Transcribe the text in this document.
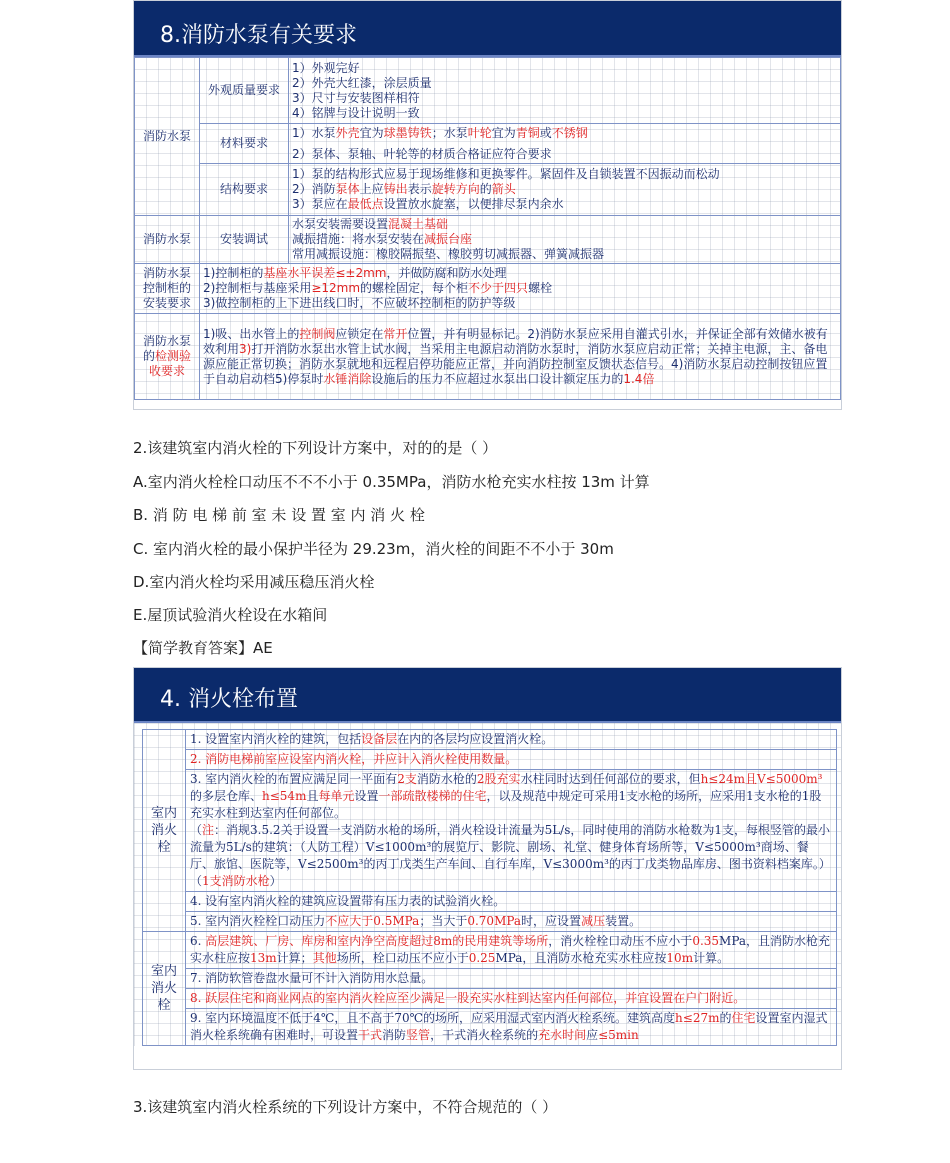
8.消防水泵有关要求
消防水泵	外观质量要求	1）外观完好
2）外壳大红漆，涂层质量
3）尺寸与安装图样相符
4）铭牌与设计说明一致

	材料要求	1）水泵外壳宜为球墨铸铁；水泵叶轮宜为青铜或不锈钢
2）泵体、泵轴、叶轮等的材质合格证应符合要求

	结构要求	1）泵的结构形式应易于现场维修和更换零件。紧固件及自锁装置不因振动而松动
2）消防泵体上应铸出表示旋转方向的箭头
3）泵应在最低点设置放水旋塞，以便排尽泵内余水

消防水泵	安装调试	水泵安装需要设置混凝土基础
减振措施：将水泵安装在减振台座
常用减振设施：橡胶隔振垫、橡胶剪切减振器、弹簧减振器

消防水泵控制柜的安装要求	1)控制柜的基座水平误差≤±2mm，并做防腐和防水处理
2)控制柜与基座采用≥12mm的螺栓固定，每个柜不少于四只螺栓
3)做控制柜的上下进出线口时，不应破坏控制柜的防护等级	

消防水泵的检测验收要求	1)吸、出水管上的控制阀应锁定在常开位置，并有明显标记。2)消防水泵应采用自灌式引水，并保证全部有效储水被有效利用3)打开消防水泵出水管上试水阀，当采用主电源启动消防水泵时，消防水泵应启动正常；关掉主电源，主、备电源应能正常切换；消防水泵就地和远程启停功能应正常，并向消防控制室反馈状态信号。4)消防水泵启动控制按钮应置于自动启动档5)停泵时水锤消除设施后的压力不应超过水泵出口设计额定压力的1.4倍	
2.该建筑室内消火栓的下列设计方案中，对的的是（ ）
A.室内消火栓栓口动压不不不小于 0.35MPa，消防水枪充实水柱按 13m 计算
B. 消 防 电 梯 前 室 未 设 置 室 内 消 火 栓
C. 室内消火栓的最小保护半径为 29.23m，消火栓的间距不不小于 30m
D.室内消火栓均采用减压稳压消火栓
E.屋顶试验消火栓设在水箱间
【简学教育答案】AE
4. 消火栓布置
室内消火栓	1. 设置室内消火栓的建筑，包括设备层在内的各层均应设置消火栓。
	2. 消防电梯前室应设室内消火栓，并应计入消火栓使用数量。
	3. 室内消火栓的布置应满足同一平面有2支消防水枪的2股充实水柱同时达到任何部位的要求，但h≤24m且V≤5000m³的多层仓库、h≤54m且每单元设置一部疏散楼梯的住宅，以及规范中规定可采用1支水枪的场所，应采用1支水枪的1股充实水柱到达室内任何部位。
（注：消规3.5.2关于设置一支消防水枪的场所，消火栓设计流量为5L/s，同时使用的消防水枪数为1支，每根竖管的最小流量为5L/s的建筑：（人防工程）V≤1000m³的展览厅、影院、剧场、礼堂、健身体育场所等，V≤5000m³商场、餐厅、旅馆、医院等，V≤2500m³的丙丁戊类生产车间、自行车库，V≤3000m³的丙丁戊类物品库房、图书资料档案库。）（1支消防水枪）
	4. 设有室内消火栓的建筑应设置带有压力表的试验消火栓。
	5. 室内消火栓栓口动压力不应大于0.5MPa；当大于0.70MPa时，应设置减压装置。
室内消火栓	6. 高层建筑、厂房、库房和室内净空高度超过8m的民用建筑等场所，消火栓栓口动压不应小于0.35MPa，且消防水枪充实水柱应按13m计算；其他场所，栓口动压不应小于0.25MPa，且消防水枪充实水柱应按10m计算。
	7. 消防软管卷盘水量可不计入消防用水总量。
	8. 跃层住宅和商业网点的室内消火栓应至少满足一股充实水柱到达室内任何部位，并宜设置在户门附近。
	9. 室内环境温度不低于4℃，且不高于70℃的场所，应采用湿式室内消火栓系统。建筑高度h≤27m的住宅设置室内湿式消火栓系统确有困难时，可设置干式消防竖管，干式消火栓系统的充水时间应≤5min
3.该建筑室内消火栓系统的下列设计方案中，不符合规范的（ ）
